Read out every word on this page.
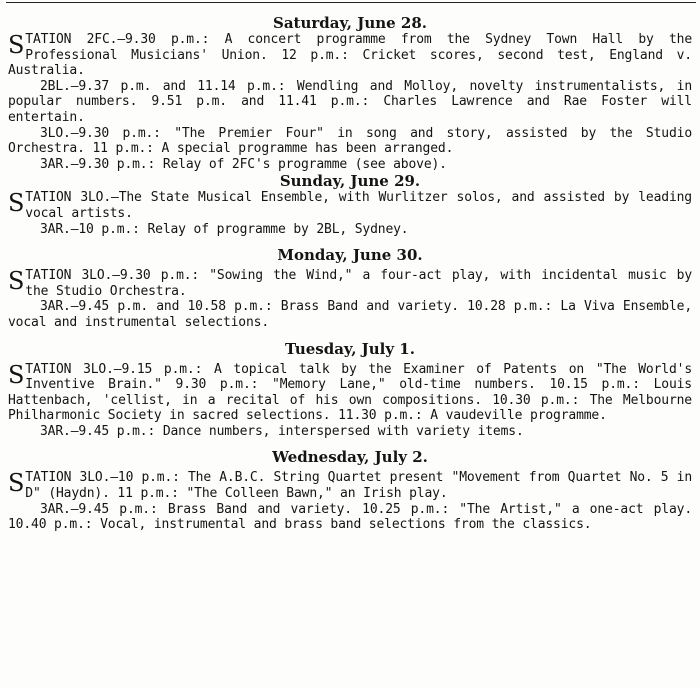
Saturday, June 28.

STATION 2FC.—9.30 p.m.: A concert programme from the Sydney Town Hall by the Professional Musicians' Union. 12 p.m.: Cricket scores, second test, England v. Australia.

2BL.—9.37 p.m. and 11.14 p.m.: Wendling and Molloy, novelty instrumentalists, in popular numbers. 9.51 p.m. and 11.41 p.m.: Charles Lawrence and Rae Foster will entertain.

3LO.—9.30 p.m.: "The Premier Four" in song and story, assisted by the Studio Orchestra. 11 p.m.: A special programme has been arranged.

3AR.—9.30 p.m.: Relay of 2FC's programme (see above).

Sunday, June 29.

STATION 3LO.—The State Musical Ensemble, with Wurlitzer solos, and assisted by leading vocal artists.

3AR.—10 p.m.: Relay of programme by 2BL, Sydney.

Monday, June 30.

STATION 3LO.—9.30 p.m.: "Sowing the Wind," a four-act play, with incidental music by the Studio Orchestra.

3AR.—9.45 p.m. and 10.58 p.m.: Brass Band and variety. 10.28 p.m.: La Viva Ensemble, vocal and instrumental selections.

Tuesday, July 1.

STATION 3LO.—9.15 p.m.: A topical talk by the Examiner of Patents on "The World's Inventive Brain." 9.30 p.m.: "Memory Lane," old-time numbers. 10.15 p.m.: Louis Hattenbach, 'cellist, in a recital of his own compositions. 10.30 p.m.: The Melbourne Philharmonic Society in sacred selections. 11.30 p.m.: A vaudeville programme.

3AR.—9.45 p.m.: Dance numbers, interspersed with variety items.

Wednesday, July 2.

STATION 3LO.—10 p.m.: The A.B.C. String Quartet present "Movement from Quartet No. 5 in D" (Haydn). 11 p.m.: "The Colleen Bawn," an Irish play.

3AR.—9.45 p.m.: Brass Band and variety. 10.25 p.m.: "The Artist," a one-act play. 10.40 p.m.: Vocal, instrumental and brass band selections from the classics.
